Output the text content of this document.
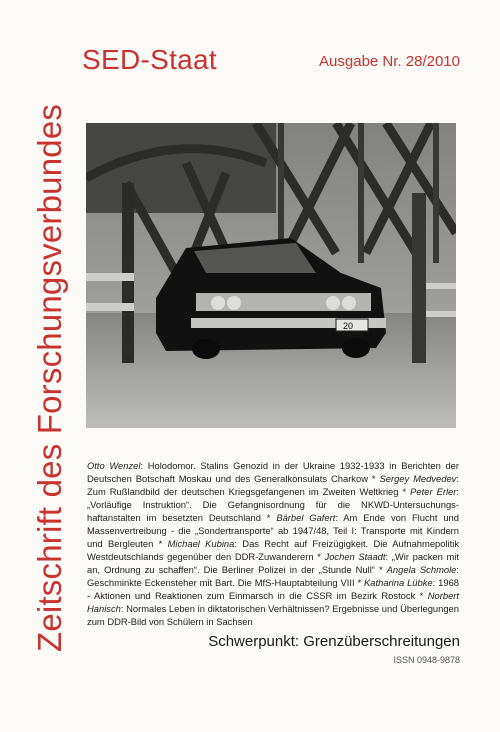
Zeitschrift des Forschungsverbundes
SED-Staat	Ausgabe Nr. 28/2010
20
Otto Wenzel: Holodomor. Stalins Genozid in der Ukraine 1932-1933 in Berichten der Deutschen Botschaft Moskau und des Generalkonsulats Charkow * Sergey Medvedev: Zum Rußlandbild der deutschen Kriegsgefangenen im Zweiten Weltkrieg * Peter Erler: „Vorläufige Instruktion“. Die Gefangnisordnung für die NKWD-Untersuchungs-haftanstalten im besetzten Deutschland * Bärbel Gafert: Am Ende von Flucht und Massenvertreibung - die „Sondertransporte“ ab 1947/48, Teil I: Transporte mit Kindern und Bergleuten * Michael Kubina: Das Recht auf Freizügigkeit. Die Aufnahmepolitik Westdeutschlands gegenüber den DDR-Zuwanderern * Jochen Staadt: „Wir packen mit an, Ordnung zu schaffen“. Die Berliner Polizei in der „Stunde Null“ * Angela Schmole: Geschminkte Eckensteher mit Bart. Die MfS-Hauptabteilung VIII * Katharina Lübke: 1968 - Aktionen und Reaktionen zum Einmarsch in die CSSR im Bezirk Rostock * Norbert Hanisch: Normales Leben in diktatorischen Verhältnissen? Ergebnisse und Überlegungen zum DDR-Bild von Schülern in Sachsen
Schwerpunkt: Grenzüberschreitungen
ISSN 0948-9878
